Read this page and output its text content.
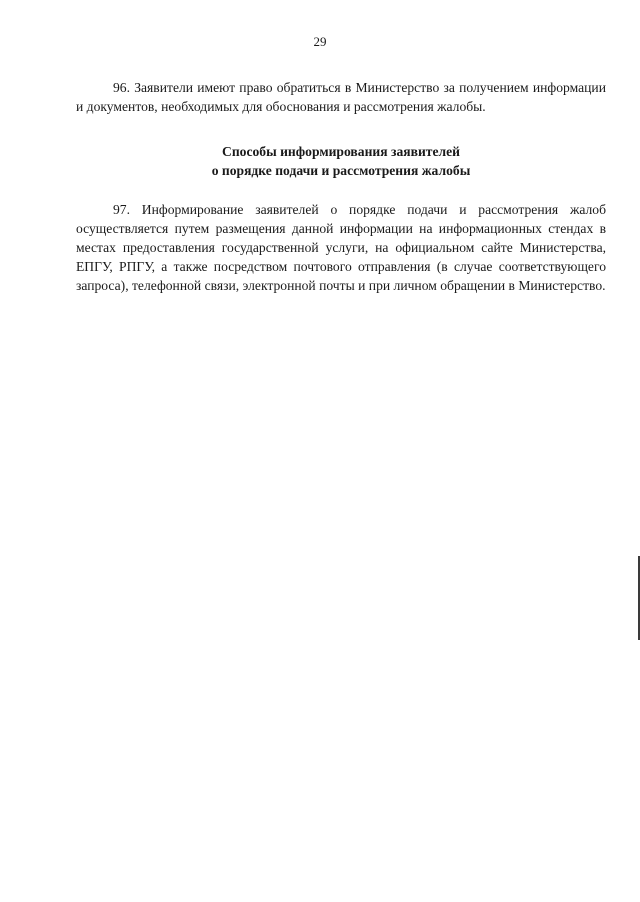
29

96. Заявители имеют право обратиться в Министерство за получением информации и документов, необходимых для обоснования и рассмотрения жалобы.

Способы информирования заявителей
о порядке подачи и рассмотрения жалобы

97. Информирование заявителей о порядке подачи и рассмотрения жалоб осуществляется путем размещения данной информации на информационных стендах в местах предоставления государственной услуги, на официальном сайте Министерства, ЕПГУ, РПГУ, а также посредством почтового отправления (в случае соответствующего запроса), телефонной связи, электронной почты и при личном обращении в Министерство.
